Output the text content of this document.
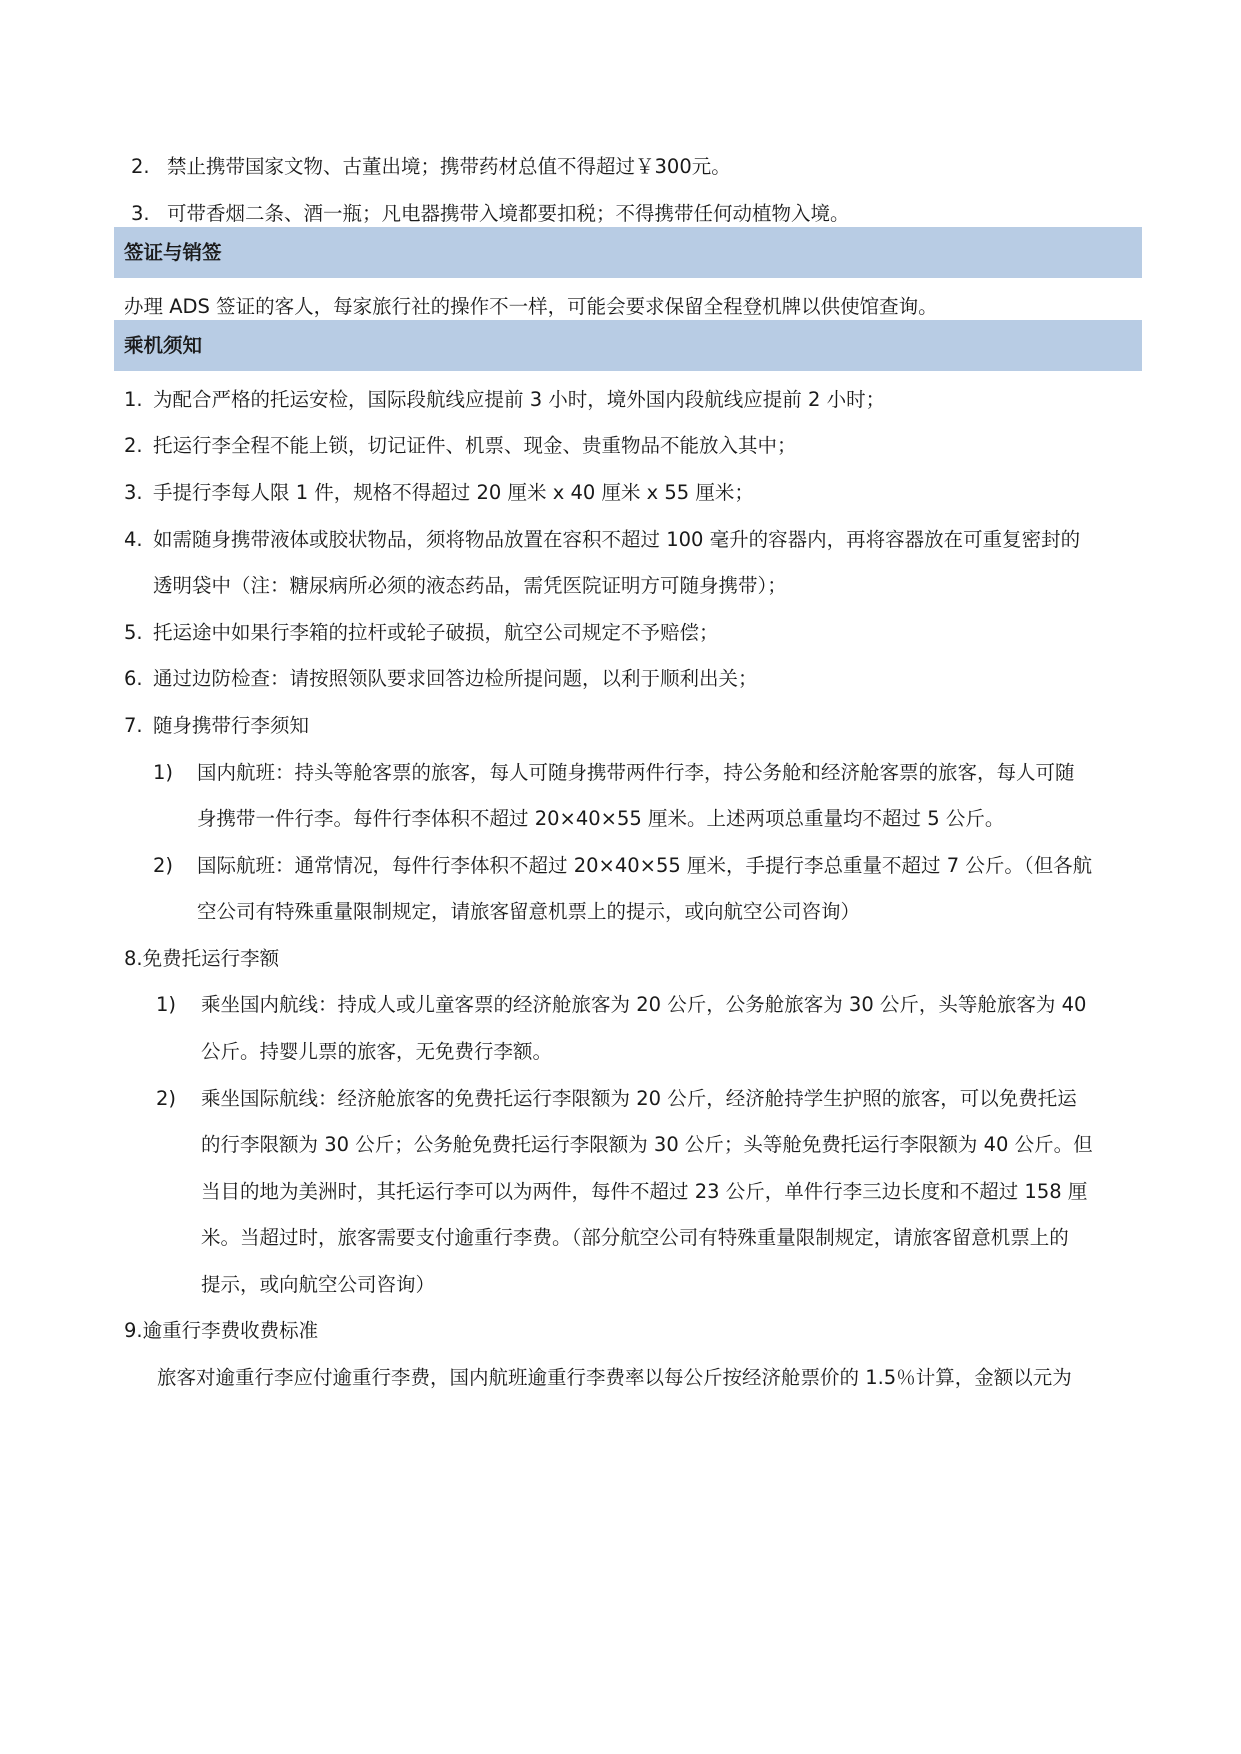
2. 禁止携带国家文物、古董出境；携带药材总值不得超过￥300元。
3. 可带香烟二条、酒一瓶；凡电器携带入境都要扣税；不得携带任何动植物入境。
签证与销签
办理 ADS 签证的客人，每家旅行社的操作不一样，可能会要求保留全程登机牌以供使馆查询。
乘机须知
1. 为配合严格的托运安检，国际段航线应提前 3 小时，境外国内段航线应提前 2 小时；
2. 托运行李全程不能上锁，切记证件、机票、现金、贵重物品不能放入其中；
3. 手提行李每人限 1 件，规格不得超过 20 厘米 x 40 厘米 x 55 厘米；
4. 如需随身携带液体或胶状物品，须将物品放置在容积不超过 100 毫升的容器内，再将容器放在可重复密封的
透明袋中（注：糖尿病所必须的液态药品，需凭医院证明方可随身携带）；
5. 托运途中如果行李箱的拉杆或轮子破损，航空公司规定不予赔偿；
6. 通过边防检查：请按照领队要求回答边检所提问题，以利于顺利出关；
7. 随身携带行李须知
1) 国内航班：持头等舱客票的旅客，每人可随身携带两件行李，持公务舱和经济舱客票的旅客，每人可随
身携带一件行李。每件行李体积不超过 20×40×55 厘米。上述两项总重量均不超过 5 公斤。
2) 国际航班：通常情况，每件行李体积不超过 20×40×55 厘米，手提行李总重量不超过 7 公斤。（但各航
空公司有特殊重量限制规定，请旅客留意机票上的提示，或向航空公司咨询）
8.免费托运行李额
1) 乘坐国内航线：持成人或儿童客票的经济舱旅客为 20 公斤，公务舱旅客为 30 公斤，头等舱旅客为 40
公斤。持婴儿票的旅客，无免费行李额。
2) 乘坐国际航线：经济舱旅客的免费托运行李限额为 20 公斤，经济舱持学生护照的旅客，可以免费托运
的行李限额为 30 公斤；公务舱免费托运行李限额为 30 公斤；头等舱免费托运行李限额为 40 公斤。但
当目的地为美洲时，其托运行李可以为两件，每件不超过 23 公斤，单件行李三边长度和不超过 158 厘
米。当超过时，旅客需要支付逾重行李费。（部分航空公司有特殊重量限制规定，请旅客留意机票上的
提示，或向航空公司咨询）
9.逾重行李费收费标准
旅客对逾重行李应付逾重行李费，国内航班逾重行李费率以每公斤按经济舱票价的 1.5％计算，金额以元为
